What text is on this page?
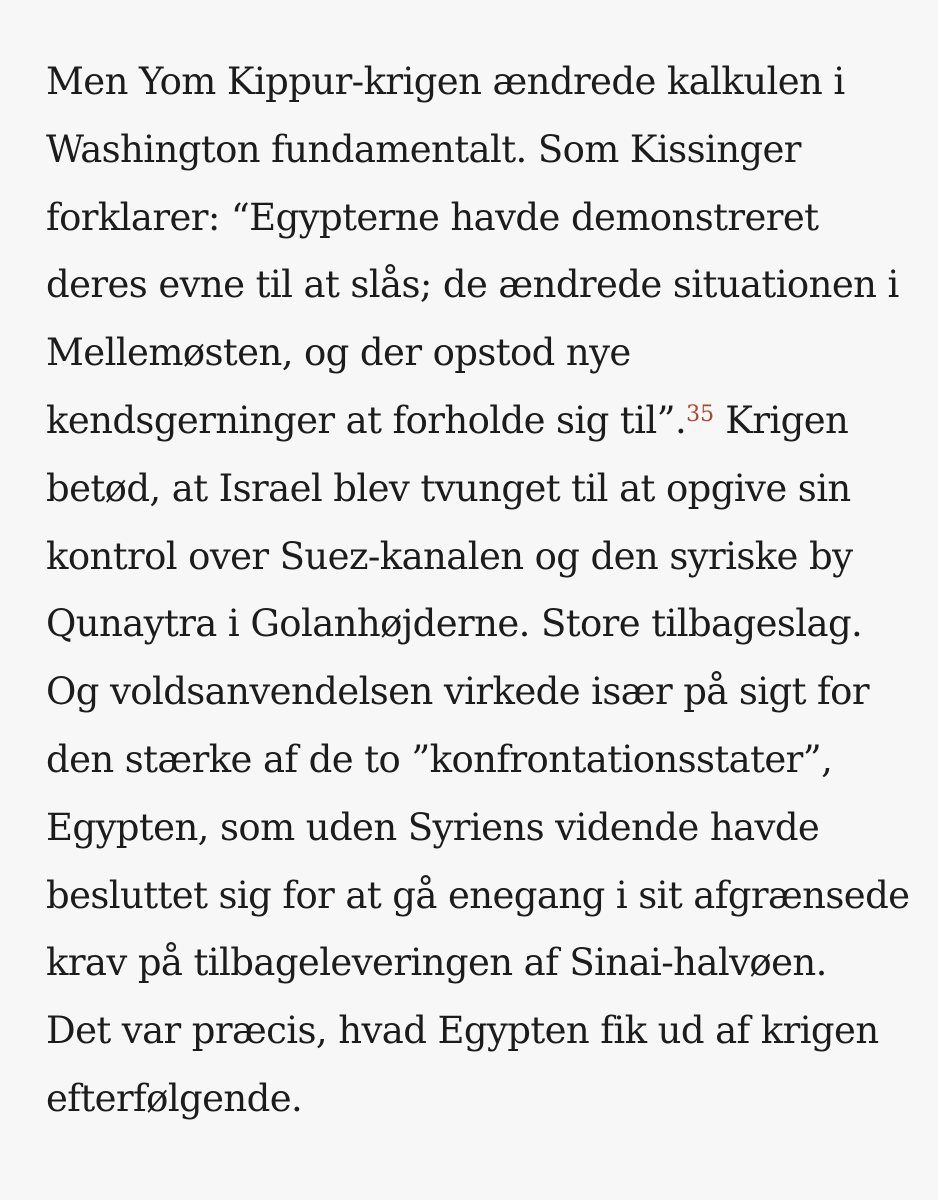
Men Yom Kippur-krigen ændrede kalkulen i
Washington fundamentalt. Som Kissinger
forklarer: “Egypterne havde demonstreret
deres evne til at slås; de ændrede situationen i
Mellemøsten, og der opstod nye
kendsgerninger at forholde sig til”.$^{35}$ Krigen
betød, at Israel blev tvunget til at opgive sin
kontrol over Suez-kanalen og den syriske by
Qunaytra i Golanhøjderne. Store tilbageslag.
Og voldsanvendelsen virkede især på sigt for
den stærke af de to ”konfrontationsstater”,
Egypten, som uden Syriens vidende havde
besluttet sig for at gå enegang i sit afgrænsede
krav på tilbageleveringen af Sinai-halvøen.
Det var præcis, hvad Egypten fik ud af krigen
efterfølgende.
